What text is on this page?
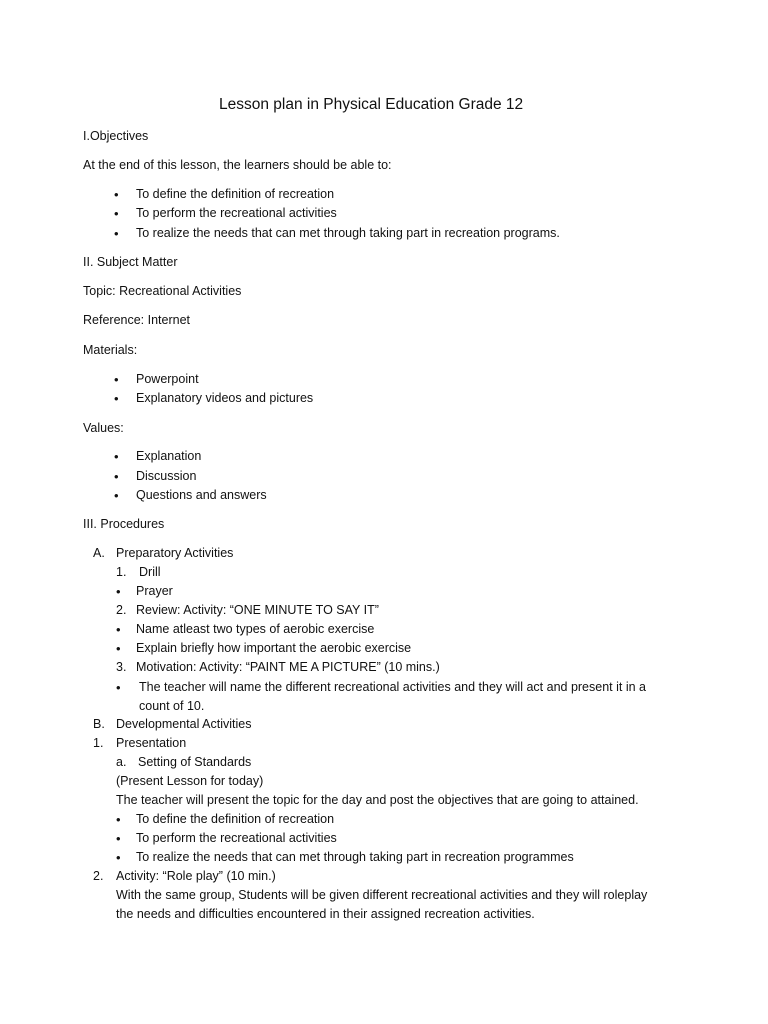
Lesson plan in Physical Education Grade 12
I.Objectives
At the end of this lesson, the learners should be able to:
• To define the definition of recreation
• To perform the recreational activities
• To realize the needs that can met through taking part in recreation programs.
II. Subject Matter
Topic: Recreational Activities
Reference: Internet
Materials:
• Powerpoint
• Explanatory videos and pictures
Values:
• Explanation
• Discussion
• Questions and answers
III. Procedures
A. Preparatory Activities
1. Drill
• Prayer
2. Review: Activity: “ONE MINUTE TO SAY IT”
• Name atleast two types of aerobic exercise
• Explain briefly how important the aerobic exercise
3. Motivation: Activity: “PAINT ME A PICTURE” (10 mins.)
• The teacher will name the different recreational activities and they will act and present it in a
count of 10.
B. Developmental Activities
1. Presentation
a. Setting of Standards
(Present Lesson for today)
The teacher will present the topic for the day and post the objectives that are going to attained.
• To define the definition of recreation
• To perform the recreational activities
• To realize the needs that can met through taking part in recreation programmes
2. Activity: “Role play” (10 min.)
With the same group, Students will be given different recreational activities and they will roleplay
the needs and difficulties encountered in their assigned recreation activities.
